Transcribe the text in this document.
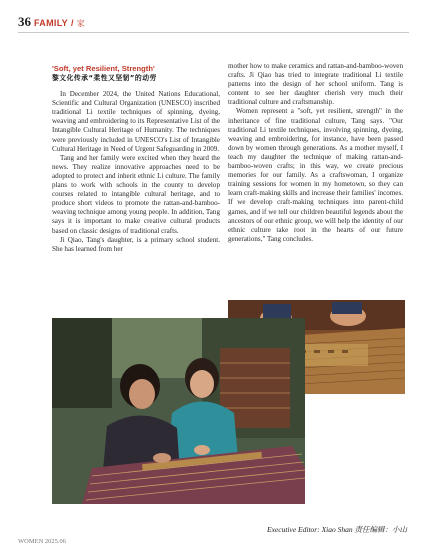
36 FAMILY / 家
'Soft, yet Resilient, Strength'
黎文化传承“柔性又坚韧”的动劳

In December 2024, the United Nations Educational, Scientific and Cultural Organization (UNESCO) inscribed traditional Li textile techniques of spinning, dyeing, weaving and embroidering to its Representative List of the Intangible Cultural Heritage of Humanity. The techniques were previously included in UNESCO's List of Intangible Cultural Heritage in Need of Urgent Safeguarding in 2009.

Tang and her family were excited when they heard the news. They realize innovative approaches need to be adopted to protect and inherit ethnic Li culture. The family plans to work with schools in the county to develop courses related to intangible cultural heritage, and to produce short videos to promote the rattan-and-bamboo-weaving technique among young people. In addition, Tang says it is important to make creative cultural products based on classic designs of traditional crafts.

Ji Qiao, Tang's daughter, is a primary school student. She has learned from her

mother how to make ceramics and rattan-and-bamboo-woven crafts. Ji Qiao has tried to integrate traditional Li textile patterns into the design of her school uniform. Tang is content to see her daughter cherish very much their traditional culture and craftsmanship.

Women represent a "soft, yet resilient, strength" in the inheritance of fine traditional culture, Tang says. "Our traditional Li textile techniques, involving spinning, dyeing, weaving and embroidering, for instance, have been passed down by women through generations. As a mother myself, I teach my daughter the technique of making rattan-and-bamboo-woven crafts; in this way, we create precious memories for our family. As a craftswoman, I organize training sessions for women in my hometown, so they can learn craft-making skills and increase their families' incomes. If we develop craft-making techniques into parent-child games, and if we tell our children beautiful legends about the ancestors of our ethnic group, we will help the identity of our ethnic culture take root in the hearts of our future generations," Tang concludes.

Executive Editor: Xiao Shan 责任编辑：小山
WOMEN 2025.06
